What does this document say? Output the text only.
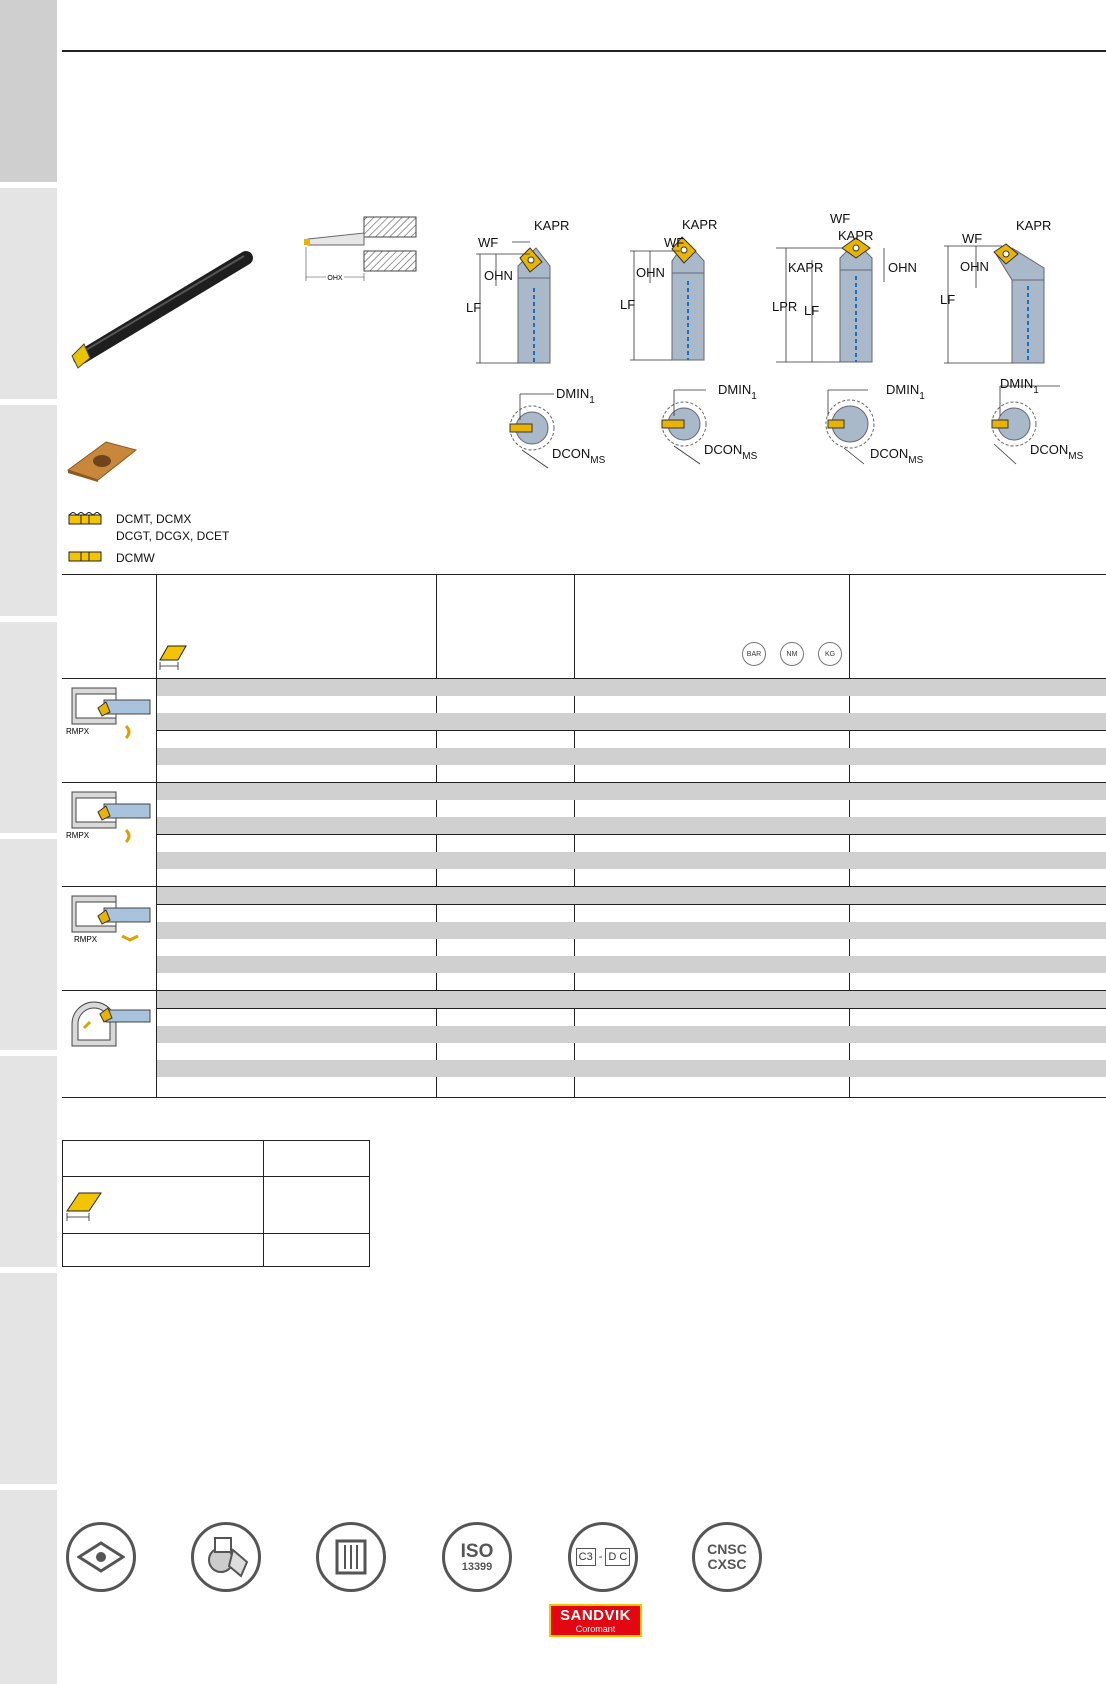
OHX
WF
KAPR
OHN
LF
WF
KAPR
OHN
LF
WF
KAPR
KAPR	OHN
LPR LF
WF
KAPR
OHN
LF
$DMIN_1$
$DCON_{MS}$
$DMIN_1$
$DCON_{MS}$
$DMIN_1$
$DCON_{MS}$
$DMIN_1$
$DCON_{MS}$
DCMT, DCMX
DCGT, DCGX, DCET
DCMW
BAR	NM	KG
RMPX
RMPX
RMPX
ISO
13399
C3 - D C	CNSC
CXSC
SANDVIK
Coromant
